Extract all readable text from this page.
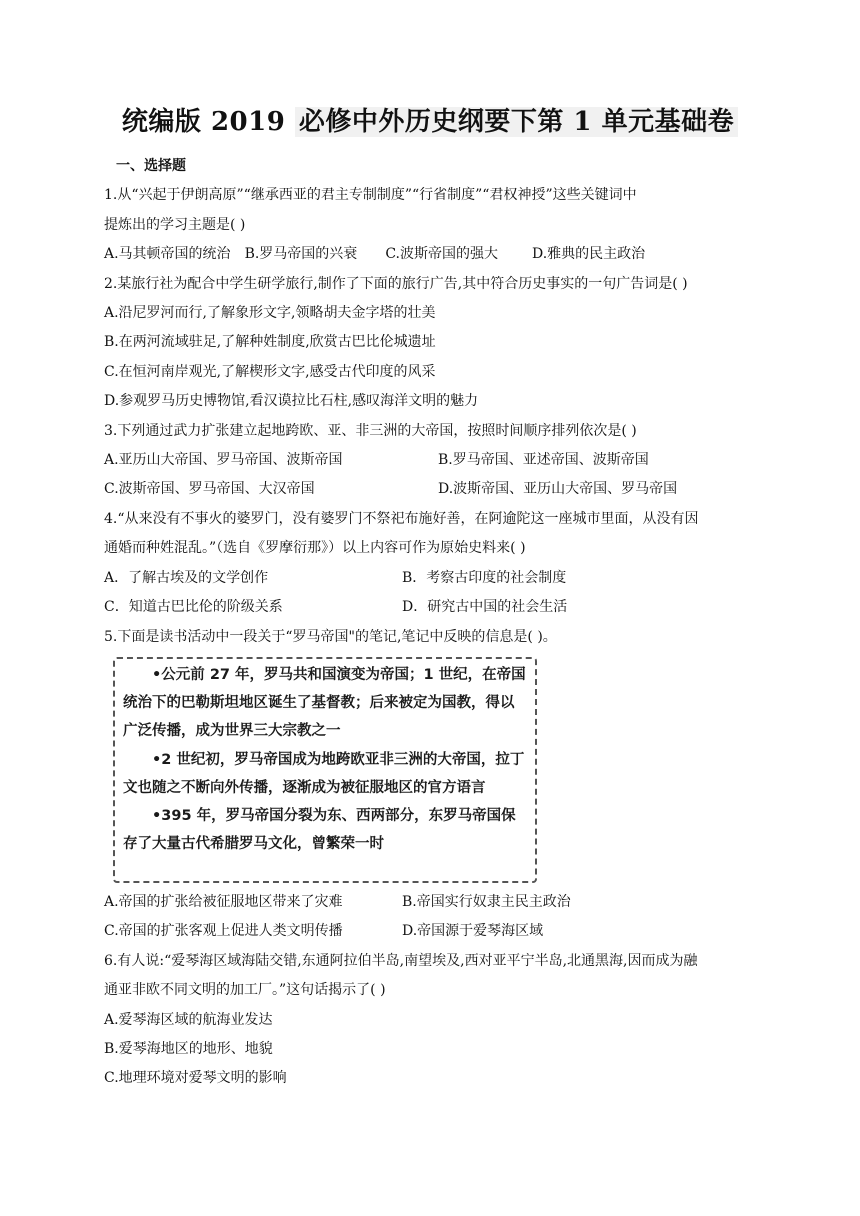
统编版 2019 必修中外历史纲要下第 1 单元基础卷
一、选择题
1.从“兴起于伊朗高原”“继承西亚的君主专制制度”“行省制度”“君权神授”这些关键词中
提炼出的学习主题是( )
A.马其顿帝国的统治 B.罗马帝国的兴衰 C.波斯帝国的强大 D.雅典的民主政治
2.某旅行社为配合中学生研学旅行,制作了下面的旅行广告,其中符合历史事实的一句广告词是( )
A.沿尼罗河而行,了解象形文字,领略胡夫金字塔的壮美
B.在两河流域驻足,了解种姓制度,欣赏古巴比伦城遗址
C.在恒河南岸观光,了解楔形文字,感受古代印度的风采
D.参观罗马历史博物馆,看汉谟拉比石柱,感叹海洋文明的魅力
3.下列通过武力扩张建立起地跨欧、亚、非三洲的大帝国，按照时间顺序排列依次是( )
A.亚历山大帝国、罗马帝国、波斯帝国	B.罗马帝国、亚述帝国、波斯帝国
C.波斯帝国、罗马帝国、大汉帝国	D.波斯帝国、亚历山大帝国、罗马帝国
4.“从来没有不事火的婆罗门，没有婆罗门不祭祀布施好善，在阿逾陀这一座城市里面，从没有因
通婚而种姓混乱。”（选自《罗摩衍那》）以上内容可作为原始史料来( )
A．了解古埃及的文学创作	B．考察古印度的社会制度
C．知道古巴比伦的阶级关系	D．研究古中国的社会生活
5.下面是读书活动中一段关于“罗马帝国"的笔记,笔记中反映的信息是( )。

•公元前 27 年，罗马共和国演变为帝国；1 世纪，在帝国统治下的巴勒斯坦地区诞生了基督教；后来被定为国教，得以广泛传播，成为世界三大宗教之一

•2 世纪初，罗马帝国成为地跨欧亚非三洲的大帝国，拉丁文也随之不断向外传播，逐渐成为被征服地区的官方语言

•395 年，罗马帝国分裂为东、西两部分，东罗马帝国保存了大量古代希腊罗马文化，曾繁荣一时

A.帝国的扩张给被征服地区带来了灾难	B.帝国实行奴隶主民主政治
C.帝国的扩张客观上促进人类文明传播	D.帝国源于爱琴海区域
6.有人说:“爱琴海区域海陆交错,东通阿拉伯半岛,南望埃及,西对亚平宁半岛,北通黑海,因而成为融
通亚非欧不同文明的加工厂。”这句话揭示了( )
A.爱琴海区域的航海业发达
B.爱琴海地区的地形、地貌
C.地理环境对爱琴文明的影响
